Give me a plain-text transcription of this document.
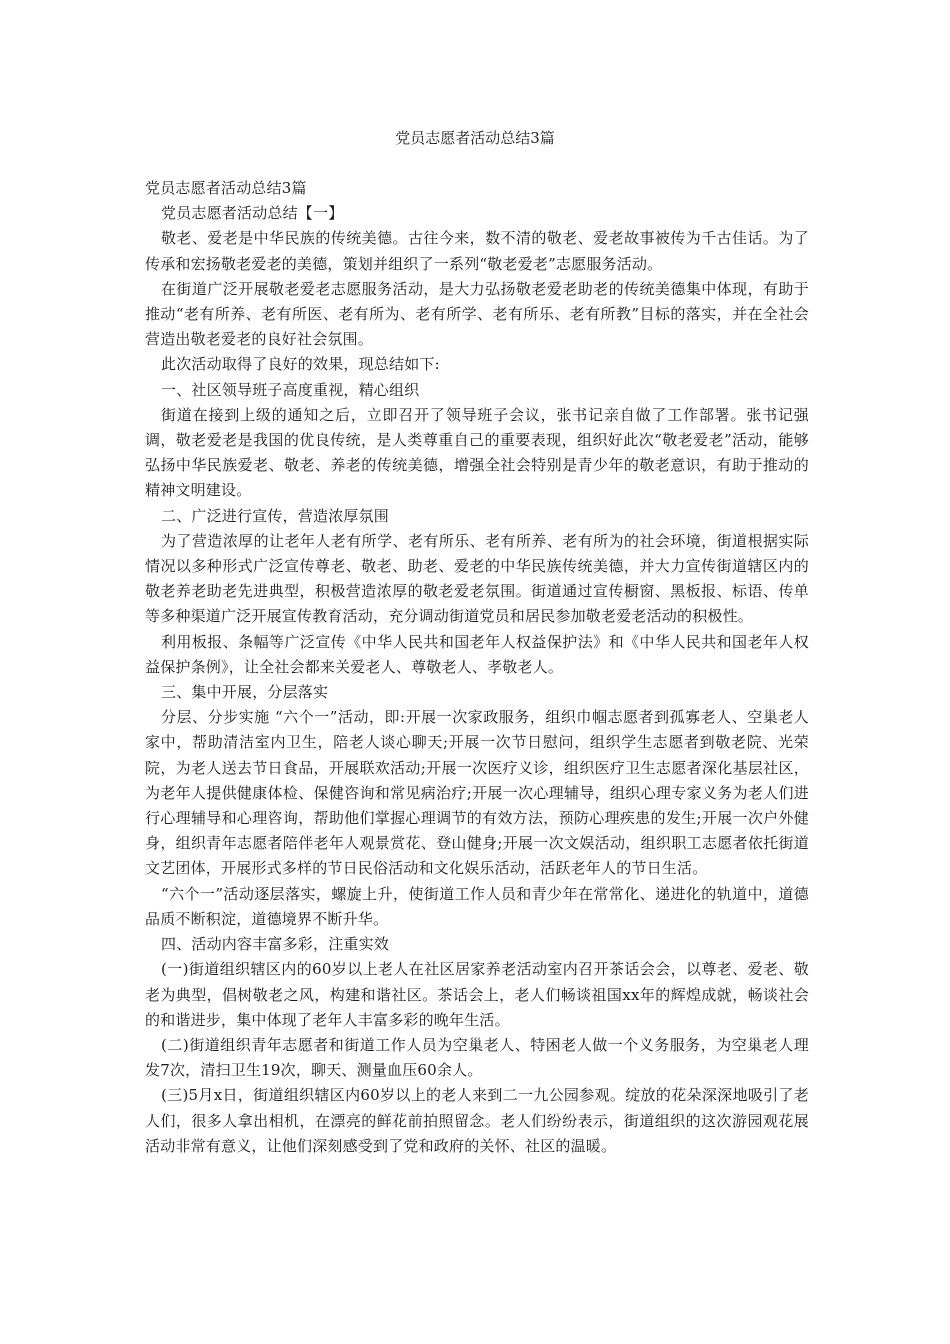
党员志愿者活动总结3篇

党员志愿者活动总结3篇

党员志愿者活动总结【一】

敬老、爱老是中华民族的传统美德。古往今来，数不清的敬老、爱老故事被传为千古佳话。为了传承和宏扬敬老爱老的美德，策划并组织了一系列“敬老爱老”志愿服务活动。

在街道广泛开展敬老爱老志愿服务活动，是大力弘扬敬老爱老助老的传统美德集中体现，有助于推动“老有所养、老有所医、老有所为、老有所学、老有所乐、老有所教”目标的落实，并在全社会营造出敬老爱老的良好社会氛围。

此次活动取得了良好的效果，现总结如下:

一、社区领导班子高度重视，精心组织

街道在接到上级的通知之后，立即召开了领导班子会议，张书记亲自做了工作部署。张书记强调，敬老爱老是我国的优良传统，是人类尊重自己的重要表现，组织好此次“敬老爱老”活动，能够弘扬中华民族爱老、敬老、养老的传统美德，增强全社会特别是青少年的敬老意识，有助于推动的精神文明建设。

二、广泛进行宣传，营造浓厚氛围

为了营造浓厚的让老年人老有所学、老有所乐、老有所养、老有所为的社会环境，街道根据实际情况以多种形式广泛宣传尊老、敬老、助老、爱老的中华民族传统美德，并大力宣传街道辖区内的敬老养老助老先进典型，积极营造浓厚的敬老爱老氛围。街道通过宣传橱窗、黑板报、标语、传单等多种渠道广泛开展宣传教育活动，充分调动街道党员和居民参加敬老爱老活动的积极性。

利用板报、条幅等广泛宣传《中华人民共和国老年人权益保护法》和《中华人民共和国老年人权益保护条例》，让全社会都来关爱老人、尊敬老人、孝敬老人。

三、集中开展，分层落实

分层、分步实施 “六个一”活动，即:开展一次家政服务，组织巾帼志愿者到孤寡老人、空巢老人家中，帮助清洁室内卫生，陪老人谈心聊天;开展一次节日慰问，组织学生志愿者到敬老院、光荣院，为老人送去节日食品，开展联欢活动;开展一次医疗义诊，组织医疗卫生志愿者深化基层社区，为老年人提供健康体检、保健咨询和常见病治疗;开展一次心理辅导，组织心理专家义务为老人们进行心理辅导和心理咨询，帮助他们掌握心理调节的有效方法，预防心理疾患的发生;开展一次户外健身，组织青年志愿者陪伴老年人观景赏花、登山健身;开展一次文娱活动，组织职工志愿者依托街道文艺团体，开展形式多样的节日民俗活动和文化娱乐活动，活跃老年人的节日生活。

“六个一”活动逐层落实，螺旋上升，使街道工作人员和青少年在常常化、递进化的轨道中，道德品质不断积淀，道德境界不断升华。

四、活动内容丰富多彩，注重实效

(一)街道组织辖区内的60岁以上老人在社区居家养老活动室内召开茶话会会，以尊老、爱老、敬老为典型，倡树敬老之风，构建和谐社区。茶话会上，老人们畅谈祖国xx年的辉煌成就，畅谈社会的和谐进步，集中体现了老年人丰富多彩的晚年生活。

(二)街道组织青年志愿者和街道工作人员为空巢老人、特困老人做一个义务服务，为空巢老人理发7次，清扫卫生19次，聊天、测量血压60余人。

(三)5月x日，街道组织辖区内60岁以上的老人来到二一九公园参观。绽放的花朵深深地吸引了老人们，很多人拿出相机，在漂亮的鲜花前拍照留念。老人们纷纷表示，街道组织的这次游园观花展活动非常有意义，让他们深刻感受到了党和政府的关怀、社区的温暖。
